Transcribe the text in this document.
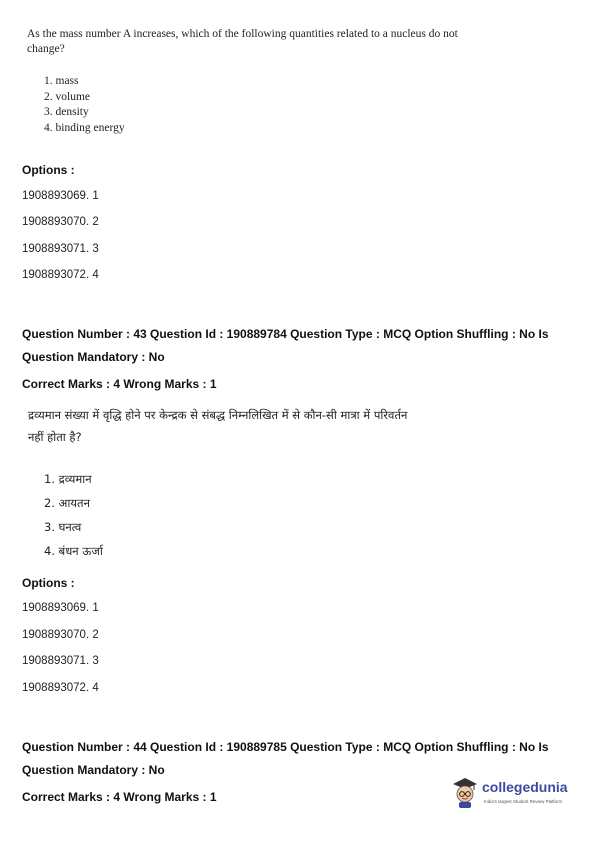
As the mass number A increases, which of the following quantities related to a nucleus do not
change?
1. mass
2. volume
3. density
4. binding energy
Options :
1908893069. 1
1908893070. 2
1908893071. 3
1908893072. 4
Question Number : 43 Question Id : 190889784 Question Type : MCQ Option Shuffling : No Is
Question Mandatory : No
Correct Marks : 4 Wrong Marks : 1
द्रव्यमान संख्या में वृद्धि होने पर केन्द्रक से संबद्ध निम्नलिखित में से कौन-सी मात्रा में परिवर्तन
नहीं होता है?
1. द्रव्यमान
2. आयतन
3. घनत्व
4. बंधन ऊर्जा
Options :
1908893069. 1
1908893070. 2
1908893071. 3
1908893072. 4
Question Number : 44 Question Id : 190889785 Question Type : MCQ Option Shuffling : No Is
Question Mandatory : No
Correct Marks : 4 Wrong Marks : 1
collegedunia
India's largest Student Review Platform
